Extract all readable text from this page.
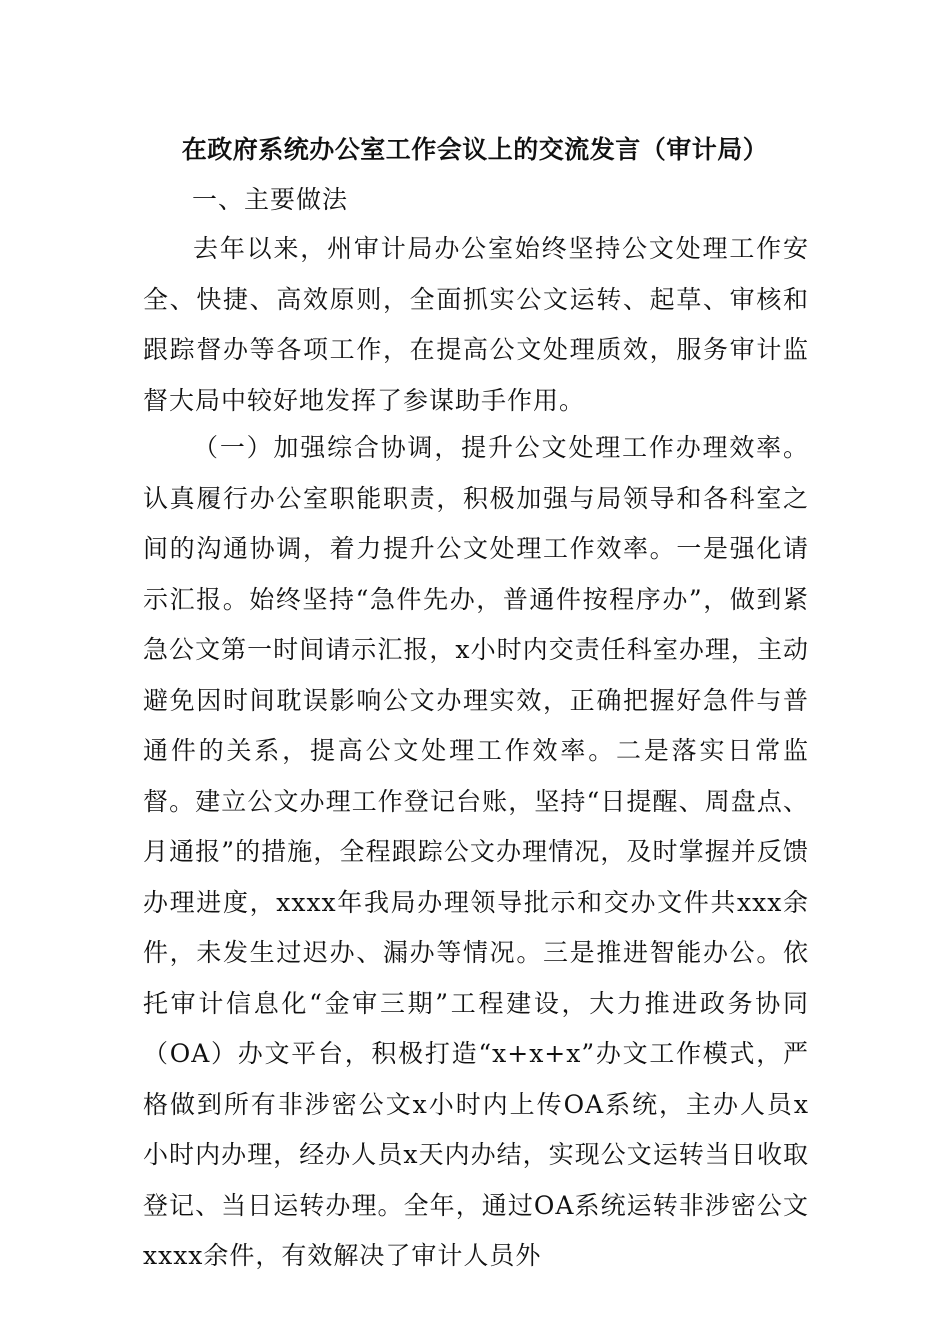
在政府系统办公室工作会议上的交流发言（审计局）
一、主要做法

去年以来，州审计局办公室始终坚持公文处理工作安全、快捷、高效原则，全面抓实公文运转、起草、审核和跟踪督办等各项工作，在提高公文处理质效，服务审计监督大局中较好地发挥了参谋助手作用。

（一）加强综合协调，提升公文处理工作办理效率。认真履行办公室职能职责，积极加强与局领导和各科室之间的沟通协调，着力提升公文处理工作效率。一是强化请示汇报。始终坚持“急件先办，普通件按程序办”，做到紧急公文第一时间请示汇报，x小时内交责任科室办理，主动避免因时间耽误影响公文办理实效，正确把握好急件与普通件的关系，提高公文处理工作效率。二是落实日常监督。建立公文办理工作登记台账，坚持“日提醒、周盘点、月通报”的措施，全程跟踪公文办理情况，及时掌握并反馈办理进度，xxxx年我局办理领导批示和交办文件共xxx余件，未发生过迟办、漏办等情况。三是推进智能办公。依托审计信息化“金审三期”工程建设，大力推进政务协同（OA）办文平台，积极打造“x+x+x”办文工作模式，严格做到所有非涉密公文x小时内上传OA系统，主办人员x小时内办理，经办人员x天内办结，实现公文运转当日收取登记、当日运转办理。全年，通过OA系统运转非涉密公文xxxx余件，有效解决了审计人员外
